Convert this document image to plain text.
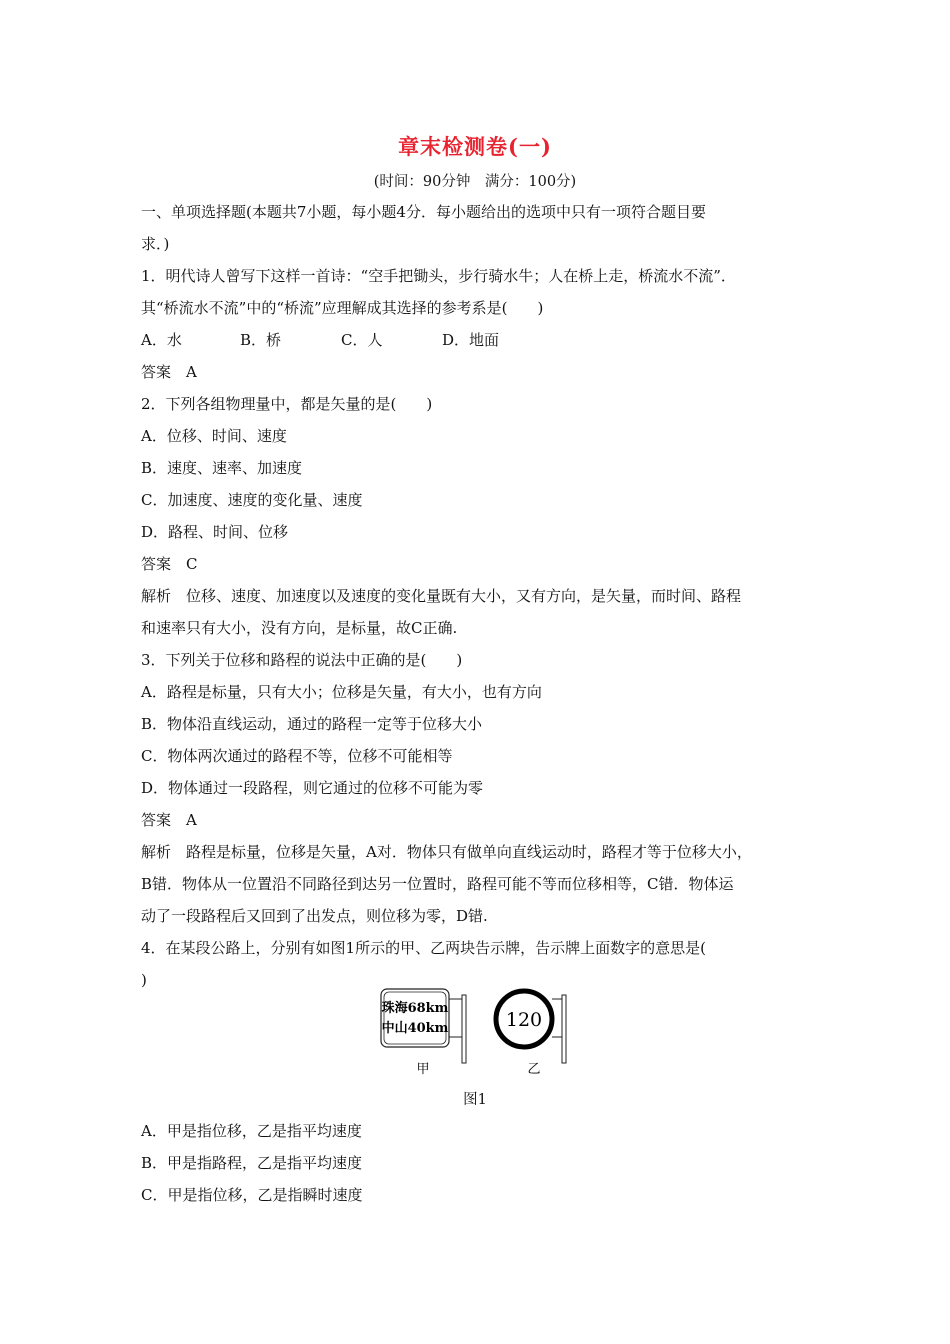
章末检测卷(一)
(时间：90分钟　满分：100分)
一、单项选择题(本题共7小题，每小题4分．每小题给出的选项中只有一项符合题目要
求．)
1．明代诗人曾写下这样一首诗：“空手把锄头，步行骑水牛；人在桥上走，桥流水不流”．
其“桥流水不流”中的“桥流”应理解成其选择的参考系是(　　)
A．水	B．桥	C．人	D．地面
答案　A
2．下列各组物理量中，都是矢量的是(　　)
A．位移、时间、速度
B．速度、速率、加速度
C．加速度、速度的变化量、速度
D．路程、时间、位移
答案　C
解析　位移、速度、加速度以及速度的变化量既有大小，又有方向，是矢量，而时间、路程
和速率只有大小，没有方向，是标量，故C正确.
3．下列关于位移和路程的说法中正确的是(　　)
A．路程是标量，只有大小；位移是矢量，有大小，也有方向
B．物体沿直线运动，通过的路程一定等于位移大小
C．物体两次通过的路程不等，位移不可能相等
D．物体通过一段路程，则它通过的位移不可能为零
答案　A
解析　路程是标量，位移是矢量，A对．物体只有做单向直线运动时，路程才等于位移大小，
B错．物体从一位置沿不同路径到达另一位置时，路程可能不等而位移相等，C错．物体运
动了一段路程后又回到了出发点，则位移为零，D错.
4．在某段公路上，分别有如图1所示的甲、乙两块告示牌，告示牌上面数字的意思是(
)
珠海68km
中山40km	120
甲	乙
图1
A．甲是指位移，乙是指平均速度
B．甲是指路程，乙是指平均速度
C．甲是指位移，乙是指瞬时速度
